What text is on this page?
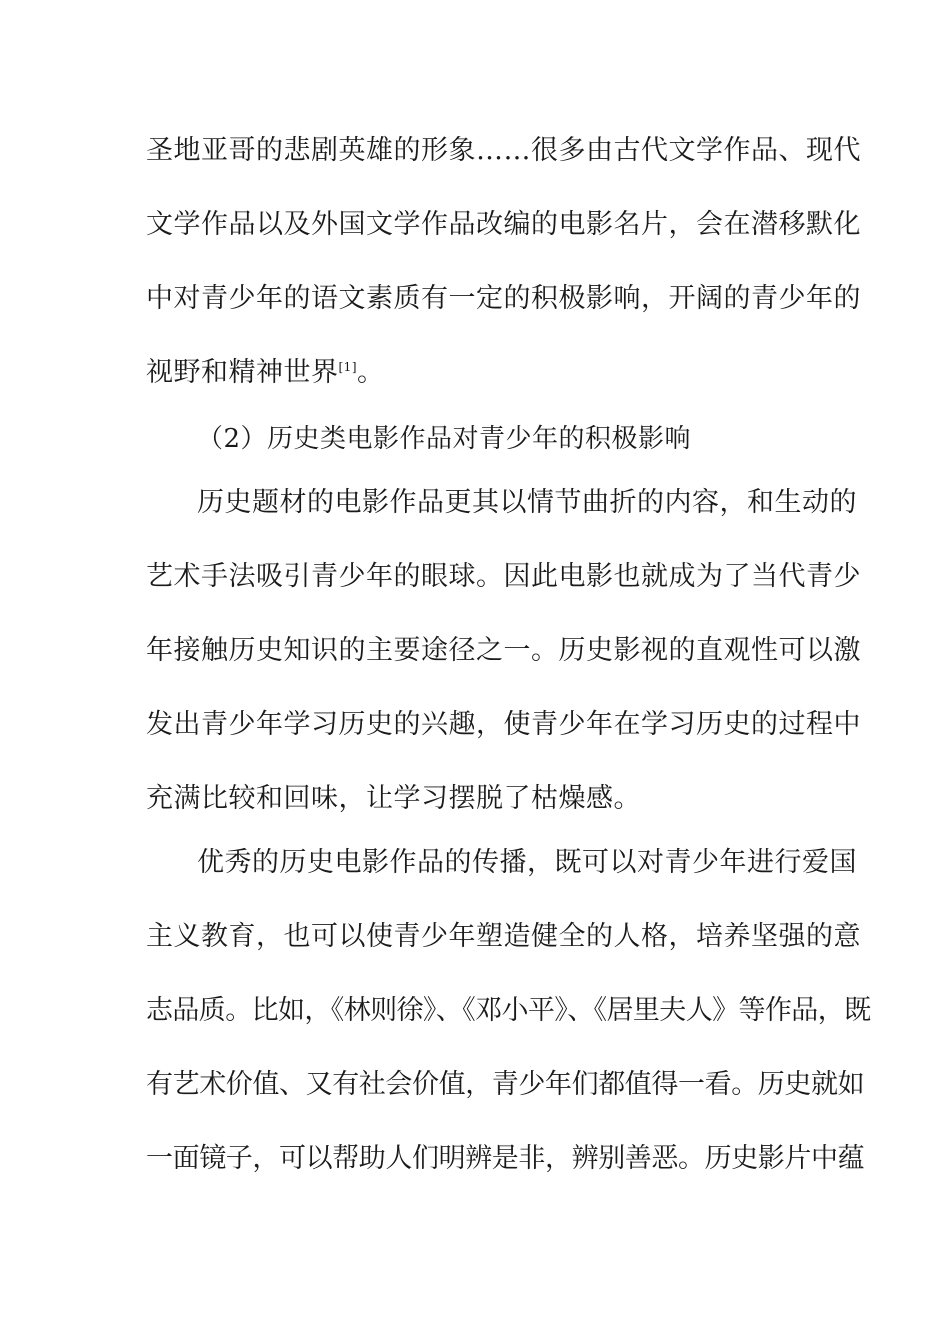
圣地亚哥的悲剧英雄的形象……很多由古代文学作品、现代
文学作品以及外国文学作品改编的电影名片，会在潜移默化
中对青少年的语文素质有一定的积极影响，开阔的青少年的
视野和精神世界[1]。
（2）历史类电影作品对青少年的积极影响
历史题材的电影作品更其以情节曲折的内容，和生动的
艺术手法吸引青少年的眼球。因此电影也就成为了当代青少
年接触历史知识的主要途径之一。历史影视的直观性可以激
发出青少年学习历史的兴趣，使青少年在学习历史的过程中
充满比较和回味，让学习摆脱了枯燥感。
优秀的历史电影作品的传播，既可以对青少年进行爱国
主义教育，也可以使青少年塑造健全的人格，培养坚强的意
志品质。比如，《林则徐》、《邓小平》、《居里夫人》等作品，既
有艺术价值、又有社会价值，青少年们都值得一看。历史就如
一面镜子，可以帮助人们明辨是非，辨别善恶。历史影片中蕴
